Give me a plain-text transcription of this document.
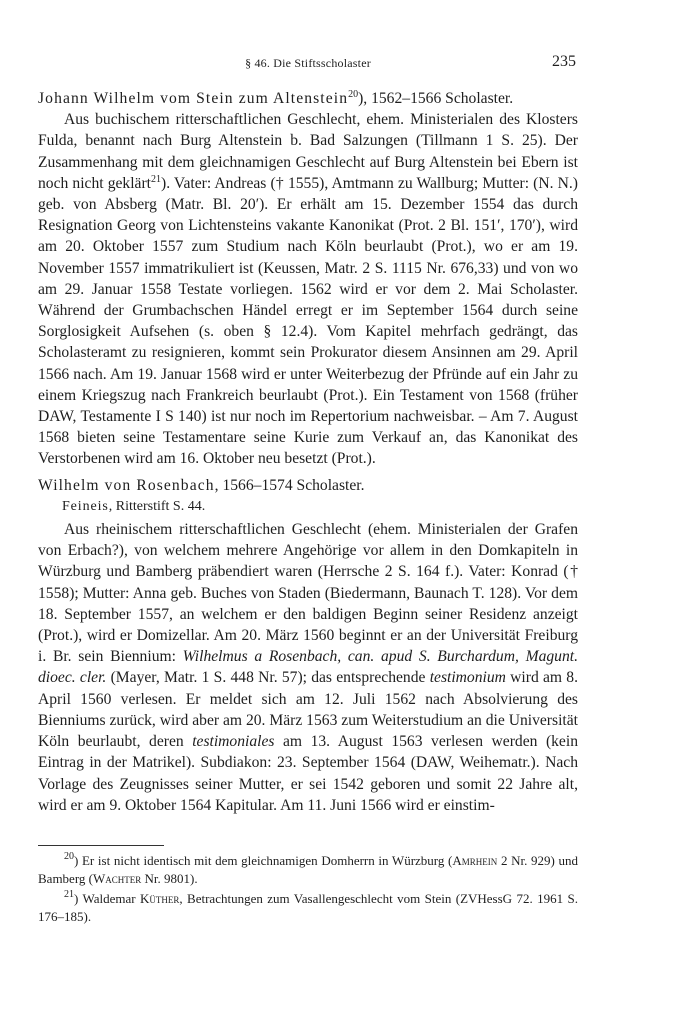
§ 46. Die Stiftsscholaster	235
Johann Wilhelm vom Stein zum Altenstein$^{20}$), 1562–1566 Scholaster.

Aus buchischem ritterschaftlichen Geschlecht, ehem. Ministerialen des Klosters Fulda, benannt nach Burg Altenstein b. Bad Salzungen (Tillmann 1 S. 25). Der Zusammenhang mit dem gleichnamigen Geschlecht auf Burg Altenstein bei Ebern ist noch nicht geklärt$^{21}$). Vater: Andreas († 1555), Amtmann zu Wallburg; Mutter: (N. N.) geb. von Absberg (Matr. Bl. 20′). Er erhält am 15. Dezember 1554 das durch Resignation Georg von Lichtensteins vakante Kanonikat (Prot. 2 Bl. 151′, 170′), wird am 20. Oktober 1557 zum Studium nach Köln beurlaubt (Prot.), wo er am 19. November 1557 immatrikuliert ist (Keussen, Matr. 2 S. 1115 Nr. 676,33) und von wo am 29. Januar 1558 Testate vorliegen. 1562 wird er vor dem 2. Mai Scholaster. Während der Grumbachschen Händel erregt er im September 1564 durch seine Sorglosigkeit Aufsehen (s. oben § 12.4). Vom Kapitel mehrfach gedrängt, das Scholasteramt zu resignieren, kommt sein Prokurator diesem Ansinnen am 29. April 1566 nach. Am 19. Januar 1568 wird er unter Weiterbezug der Pfründe auf ein Jahr zu einem Kriegszug nach Frankreich beurlaubt (Prot.). Ein Testament von 1568 (früher DAW, Testamente I S 140) ist nur noch im Repertorium nachweisbar. – Am 7. August 1568 bieten seine Testamentare seine Kurie zum Verkauf an, das Kanonikat des Verstorbenen wird am 16. Oktober neu besetzt (Prot.).

Wilhelm von Rosenbach, 1566–1574 Scholaster.
Feineis, Ritterstift S. 44.

Aus rheinischem ritterschaftlichen Geschlecht (ehem. Ministerialen der Grafen von Erbach?), von welchem mehrere Angehörige vor allem in den Domkapiteln in Würzburg und Bamberg präbendiert waren (Herrsche 2 S. 164 f.). Vater: Konrad († 1558); Mutter: Anna geb. Buches von Staden (Biedermann, Baunach T. 128). Vor dem 18. September 1557, an welchem er den baldigen Beginn seiner Residenz anzeigt (Prot.), wird er Domizellar. Am 20. März 1560 beginnt er an der Universität Freiburg i. Br. sein Biennium: Wilhelmus a Rosenbach, can. apud S. Burchardum, Magunt. dioec. cler. (Mayer, Matr. 1 S. 448 Nr. 57); das entsprechende testimonium wird am 8. April 1560 verlesen. Er meldet sich am 12. Juli 1562 nach Absolvierung des Bienniums zurück, wird aber am 20. März 1563 zum Weiterstudium an die Universität Köln beurlaubt, deren testimoniales am 13. August 1563 verlesen werden (kein Eintrag in der Matrikel). Subdiakon: 23. September 1564 (DAW, Weihematr.). Nach Vorlage des Zeugnisses seiner Mutter, er sei 1542 geboren und somit 22 Jahre alt, wird er am 9. Oktober 1564 Kapitular. Am 11. Juni 1566 wird er einstim-

$^{20}$) Er ist nicht identisch mit dem gleichnamigen Domherrn in Würzburg (Amrhein 2 Nr. 929) und Bamberg (Wachter Nr. 9801).

$^{21}$) Waldemar Küther, Betrachtungen zum Vasallengeschlecht vom Stein (ZVHessG 72. 1961 S. 176–185).
